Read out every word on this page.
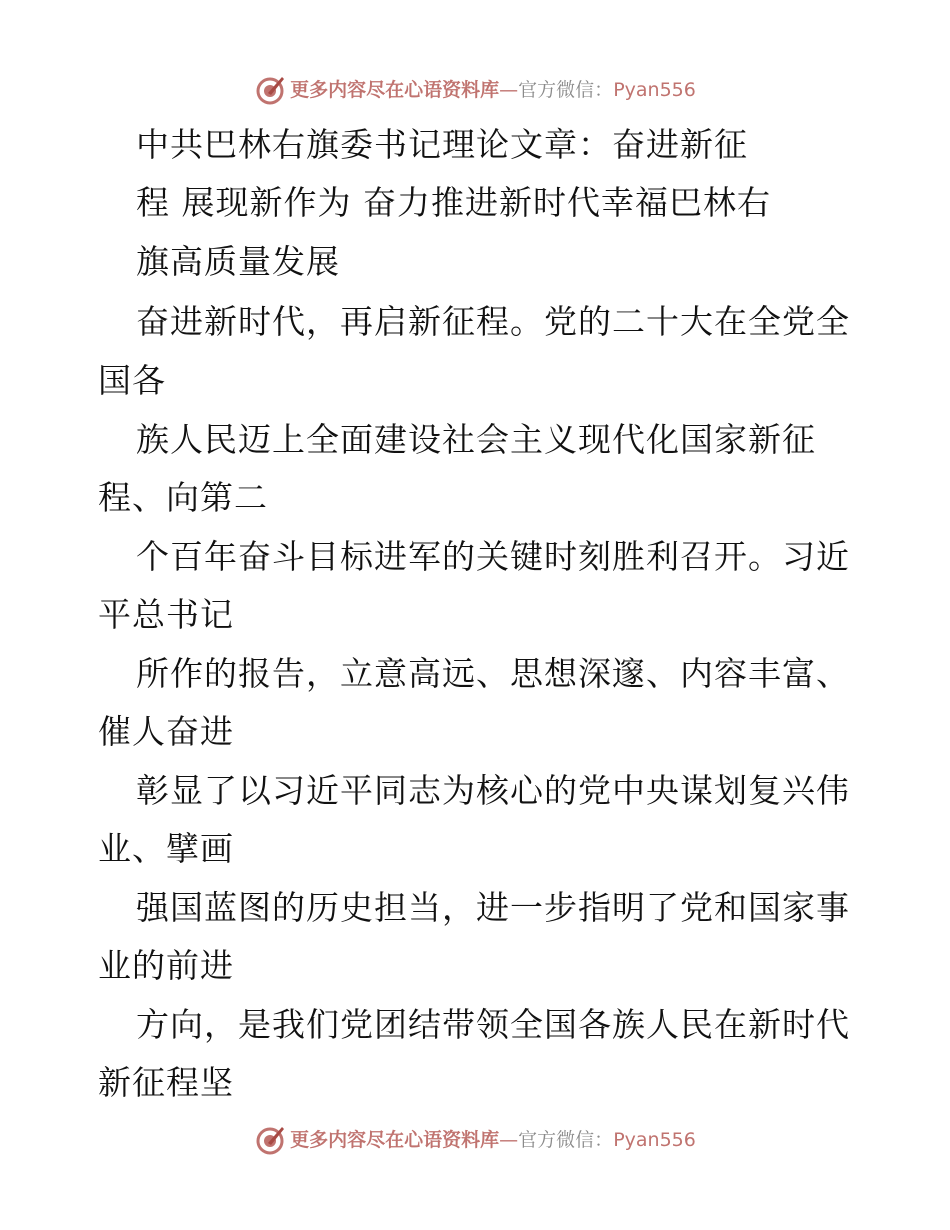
更多内容尽在心语资料库 — 官方微信： Pyan556
中共巴林右旗委书记理论文章：奋进新征
程 展现新作为 奋力推进新时代幸福巴林右
旗高质量发展
奋进新时代，再启新征程。党的二十大在全党全
国各
族人民迈上全面建设社会主义现代化国家新征
程、向第二
个百年奋斗目标进军的关键时刻胜利召开。习近
平总书记
所作的报告，立意高远、思想深邃、内容丰富、
催人奋进
彰显了以习近平同志为核心的党中央谋划复兴伟
业、擘画
强国蓝图的历史担当，进一步指明了党和国家事
业的前进
方向，是我们党团结带领全国各族人民在新时代
新征程坚
更多内容尽在心语资料库 — 官方微信： Pyan556
